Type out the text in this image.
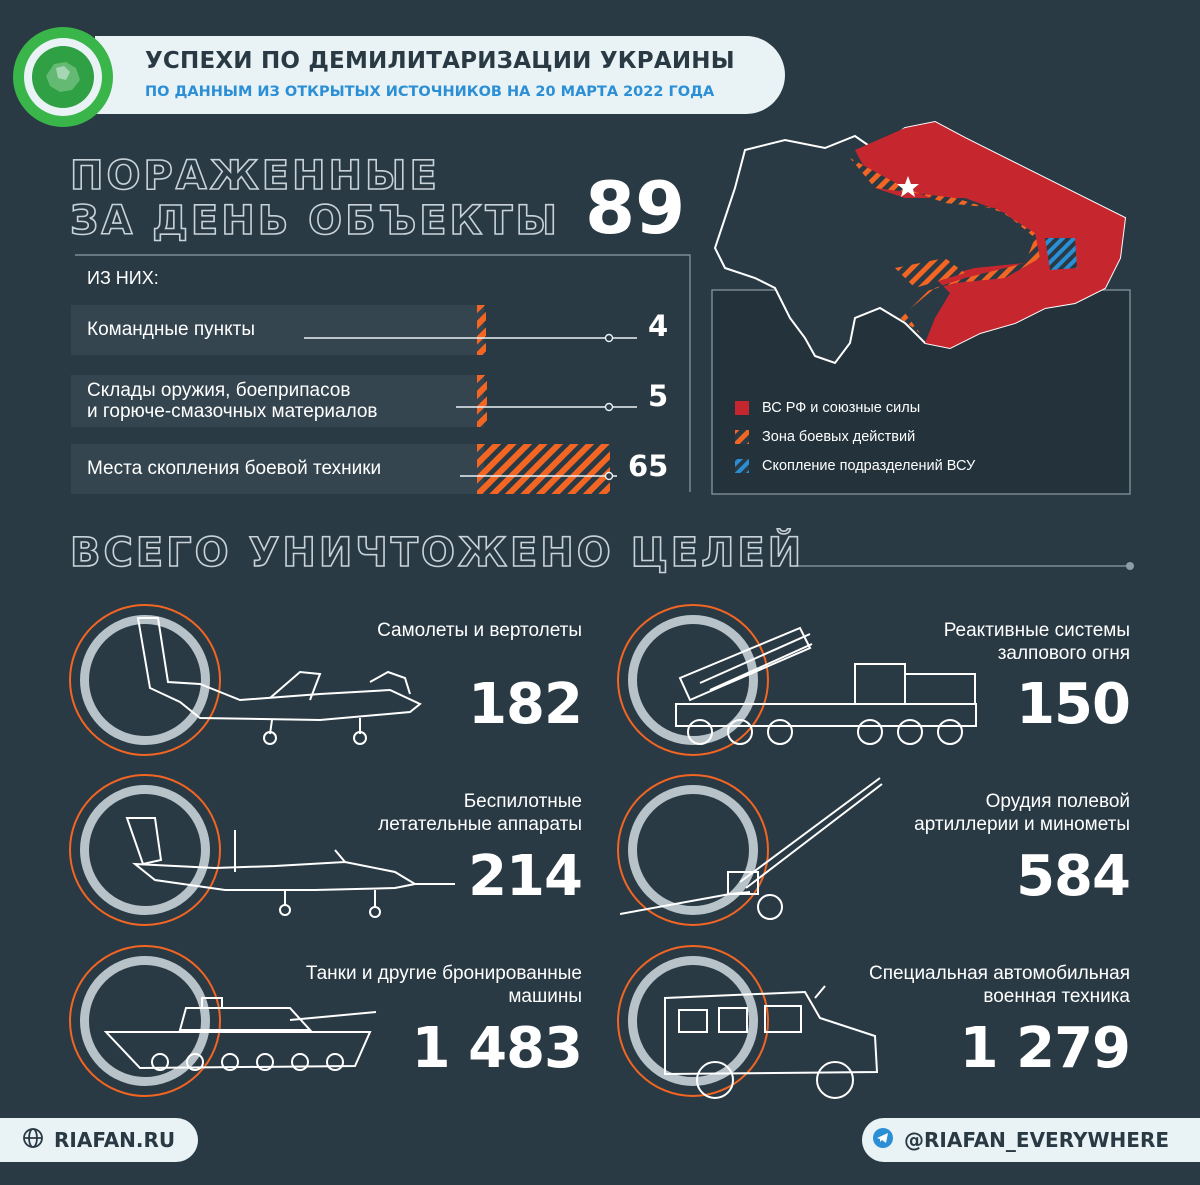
УСПЕХИ ПО ДЕМИЛИТАРИЗАЦИИ УКРАИНЫ
ПО ДАННЫМ ИЗ ОТКРЫТЫХ ИСТОЧНИКОВ НА 20 МАРТА 2022 ГОДА
ПОРАЖЕННЫЕ
ЗА ДЕНЬ ОБЪЕКТЫ 89
ИЗ НИХ:
Командные пункты	4
Склады оружия, боеприпасов
и горюче-смазочных материалов	5
Места скопления боевой техники	65
ВС РФ и союзные силы
Зона боевых действий
Скопление подразделений ВСУ
ВСЕГО УНИЧТОЖЕНО ЦЕЛЕЙ
Самолеты и вертолеты
182
Реактивные системы
залпового огня
150
Беспилотные
летательные аппараты
214
Орудия полевой
артиллерии и минометы
584
Танки и другие бронированные
машины
1 483
Специальная автомобильная
военная техника
1 279
RIAFAN.RU	@RIAFAN_EVERYWHERE
